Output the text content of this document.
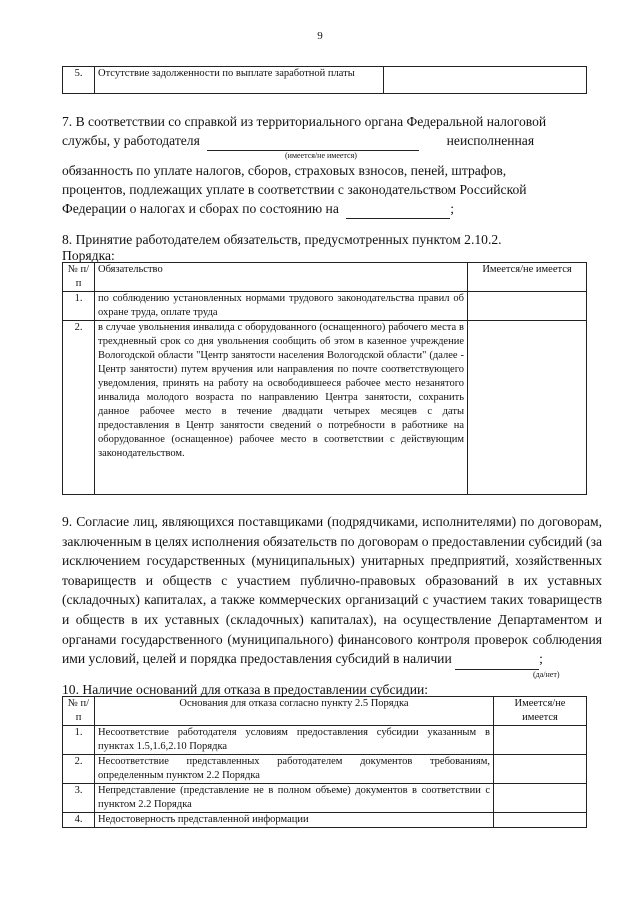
9
5.	Отсутствие задолженности по выплате заработной платы	
7. В соответствии со справкой из территориального органа Федеральной налоговой
службы, у работодателя	неисполненная
(имеется/не имеется)
обязанность по уплате налогов, сборов, страховых взносов, пеней, штрафов,
процентов, подлежащих уплате в соответствии с законодательством Российской
Федерации о налогах и сборах по состоянию на	;
8. Принятие работодателем обязательств, предусмотренных пунктом 2.10.2.
Порядка:
№ п/п	Обязательство	Имеется/не имеется
1.	по соблюдению установленных нормами трудового законодательства правил об охране труда, оплате труда	
2.	в случае увольнения инвалида с оборудованного (оснащенного) рабочего места в трехдневный срок со дня увольнения сообщить об этом в казенное учреждение Вологодской области "Центр занятости населения Вологодской области" (далее - Центр занятости) путем вручения или направления по почте соответствующего уведомления, принять на работу на освободившееся рабочее место незанятого инвалида молодого возраста по направлению Центра занятости, сохранить данное рабочее место в течение двадцати четырех месяцев с даты предоставления в Центр занятости сведений о потребности в работнике на оборудованное (оснащенное) рабочее место в соответствии с действующим законодательством.	
9. Согласие лиц, являющихся поставщиками (подрядчиками, исполнителями) по договорам, заключенным в целях исполнения обязательств по договорам о предоставлении субсидий (за исключением государственных (муниципальных) унитарных предприятий, хозяйственных товариществ и обществ с участием публично-правовых образований в их уставных (складочных) капиталах, а также коммерческих организаций с участием таких товариществ и обществ в их уставных (складочных) капиталах), на осуществление Департаментом и органами государственного (муниципального) финансового контроля проверок соблюдения ими условий, целей и порядка предоставления субсидий в наличии	;
(да/нет)
10. Наличие оснований для отказа в предоставлении субсидии:
№ п/п	Основания для отказа согласно пункту 2.5 Порядка	Имеется/не имеется
1.	Несоответствие работодателя условиям предоставления субсидии указанным в пунктах 1.5,1.6,2.10 Порядка	
2.	Несоответствие представленных работодателем документов требованиям, определенным пунктом 2.2 Порядка	
3.	Непредставление (представление не в полном объеме) документов в соответствии с пунктом 2.2 Порядка	
4.	Недостоверность представленной информации	
